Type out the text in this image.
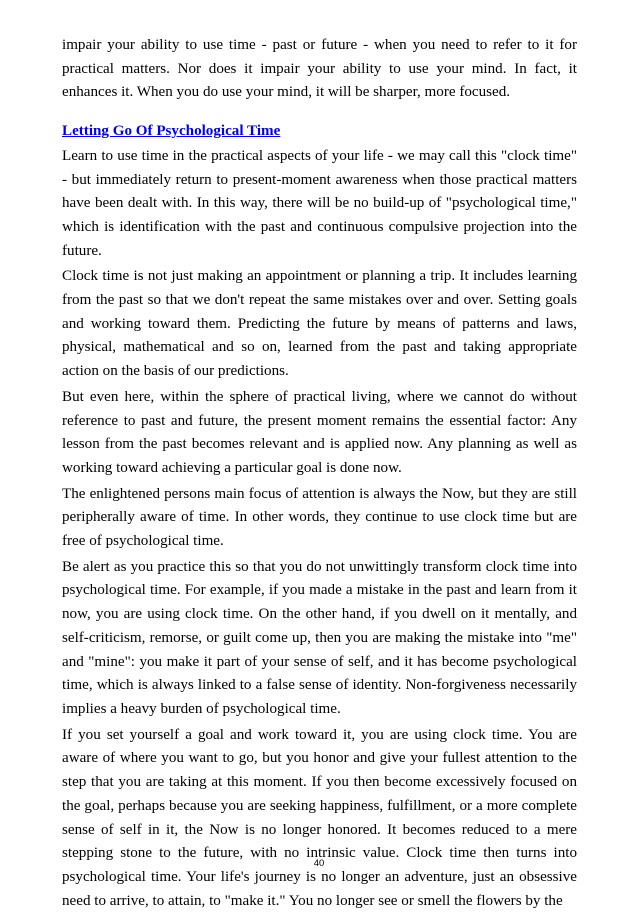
impair your ability to use time - past or future - when you need to refer to it for practical matters. Nor does it impair your ability to use your mind. In fact, it enhances it. When you do use your mind, it will be sharper, more focused.

Letting Go Of Psychological Time

Learn to use time in the practical aspects of your life - we may call this "clock time" - but immediately return to present-moment awareness when those practical matters have been dealt with. In this way, there will be no build-up of "psychological time," which is identification with the past and continuous compulsive projection into the future.

Clock time is not just making an appointment or planning a trip. It includes learning from the past so that we don't repeat the same mistakes over and over. Setting goals and working toward them. Predicting the future by means of patterns and laws, physical, mathematical and so on, learned from the past and taking appropriate action on the basis of our predictions.

But even here, within the sphere of practical living, where we cannot do without reference to past and future, the present moment remains the essential factor: Any lesson from the past becomes relevant and is applied now. Any planning as well as working toward achieving a particular goal is done now.

The enlightened persons main focus of attention is always the Now, but they are still peripherally aware of time. In other words, they continue to use clock time but are free of psychological time.

Be alert as you practice this so that you do not unwittingly transform clock time into psychological time. For example, if you made a mistake in the past and learn from it now, you are using clock time. On the other hand, if you dwell on it mentally, and self-criticism, remorse, or guilt come up, then you are making the mistake into "me" and "mine": you make it part of your sense of self, and it has become psychological time, which is always linked to a false sense of identity. Non-forgiveness necessarily implies a heavy burden of psychological time.

If you set yourself a goal and work toward it, you are using clock time. You are aware of where you want to go, but you honor and give your fullest attention to the step that you are taking at this moment. If you then become excessively focused on the goal, perhaps because you are seeking happiness, fulfillment, or a more complete sense of self in it, the Now is no longer honored. It becomes reduced to a mere stepping stone to the future, with no intrinsic value. Clock time then turns into psychological time. Your life's journey is no longer an adventure, just an obsessive need to arrive, to attain, to "make it." You no longer see or smell the flowers by the

40
